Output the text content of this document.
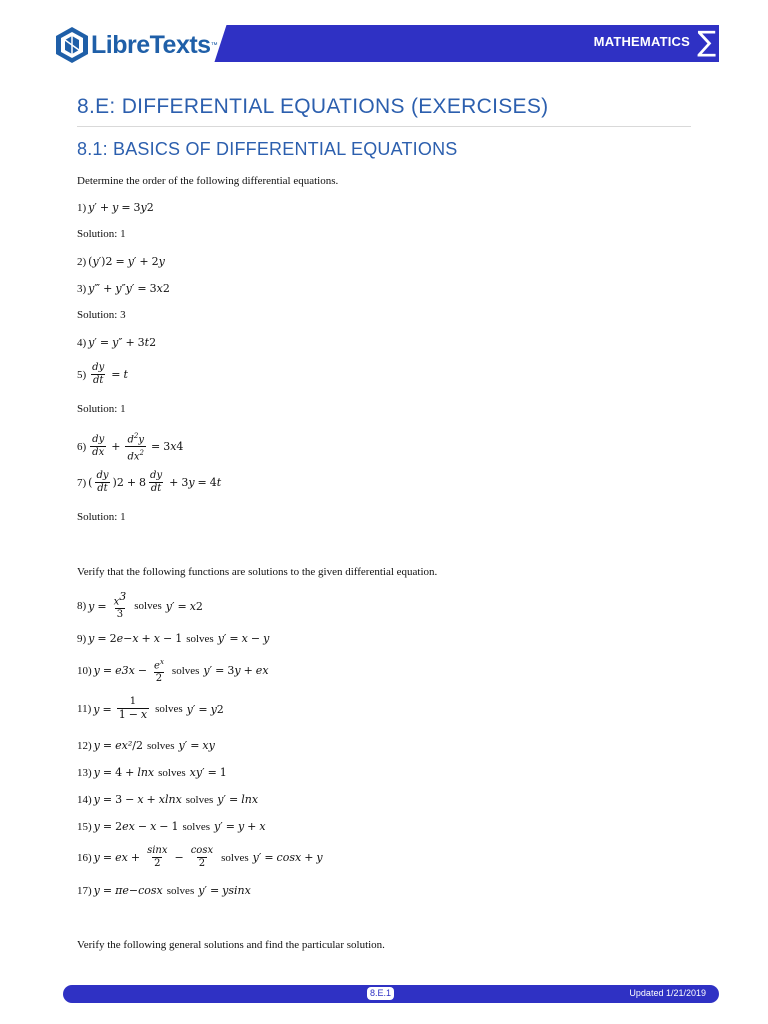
LibreTexts ™	MATHEMATICS ∑
8.E: DIFFERENTIAL EQUATIONS (EXERCISES)
8.1: BASICS OF DIFFERENTIAL EQUATIONS
Determine the order of the following differential equations.
1) y ′ + y = 3 y 2
Solution: 1
2) ( y ′) 2 = y ′ + 2 y
3) y ‴ + y ″ y ′ = 3 x 2
Solution: 3
4) y ′ = y ″ + 3 t 2
$5) \frac{dy}{dt} = t$
Solution: 1
$6) \frac{dy}{dx} + \frac{d^2y}{dx^2} = 3$ x 4
7) ( $\frac{dy}{dt}$ ) $2 + 8 \frac{dy}{dt} + 3$ y = 4 t
Solution: 1
Verify that the following functions are solutions to the given differential equation.
8) $y = \frac{x^3}{3}$ solves y ′ = x 2
9) y = 2 e −x + x − 1 solves y ′ = x − y
10) y = e $3x - \frac{e^x}{2}$ solves y ′ = 3 y + e x
11) $y = \frac{1}{1 - x}$ solves y ′ = y 2
12) y = e x² /2 solves y ′ = xy
13) y = 4 + lnx solves xy ′ = 1
14) y = 3 − x + xlnx solves y ′ = lnx
15) y = 2 e x − x − 1 solves y ′ = y + x
16) y = e $x + \frac{\sin x}{2} - \frac{\cos x}{2}$ solves y ′ = cosx + y
17) y = πe −cosx solves y ′ = ysinx
Verify the following general solutions and find the particular solution.
8.E.1	Updated 1/21/2019
